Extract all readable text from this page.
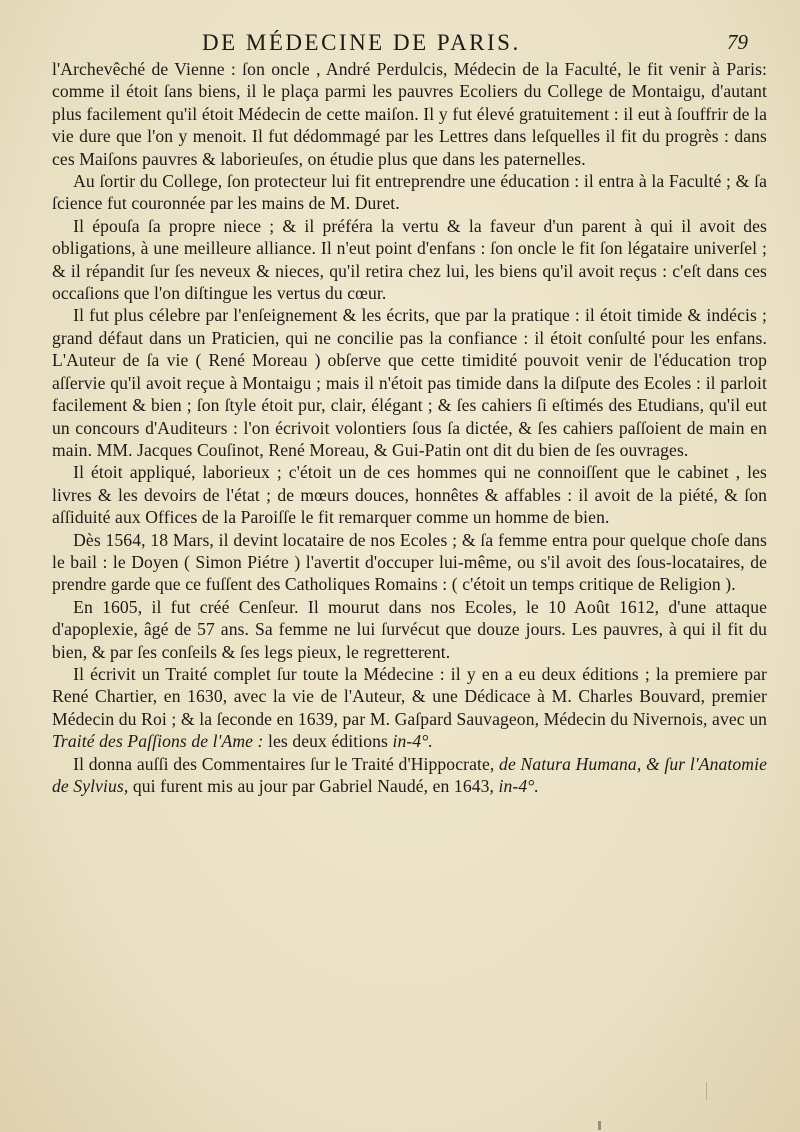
DE MÉDECINE DE PARIS.	79

l'Archevêché de Vienne : ſon oncle , André Perdulcis, Médecin de la Faculté, le fit venir à Paris: comme il étoit ſans biens, il le plaça parmi les pauvres Ecoliers du College de Montaigu, d'autant plus facilement qu'il étoit Médecin de cette maiſon. Il y fut élevé gratuitement : il eut à ſouffrir de la vie dure que l'on y menoit. Il fut dédommagé par les Lettres dans leſquelles il fit du progrès : dans ces Maiſons pauvres & laborieuſes, on étudie plus que dans les paternelles.

Au ſortir du College, ſon protecteur lui fit entreprendre une éducation : il entra à la Faculté ; & ſa ſcience fut couronnée par les mains de M. Duret.

Il épouſa ſa propre niece ; & il préféra la vertu & la faveur d'un parent à qui il avoit des obligations, à une meilleure alliance. Il n'eut point d'enfans : ſon oncle le fit ſon légataire univerſel ; & il répandit ſur ſes neveux & nieces, qu'il retira chez lui, les biens qu'il avoit reçus : c'eſt dans ces occaſions que l'on diſtingue les vertus du cœur.

Il fut plus célebre par l'enſeignement & les écrits, que par la pratique : il étoit timide & indécis ; grand défaut dans un Praticien, qui ne concilie pas la confiance : il étoit conſulté pour les enfans. L'Auteur de ſa vie ( René Moreau ) obſerve que cette timidité pouvoit venir de l'éducation trop aſſervie qu'il avoit reçue à Montaigu ; mais il n'étoit pas timide dans la diſpute des Ecoles : il parloit facilement & bien ; ſon ſtyle étoit pur, clair, élégant ; & ſes cahiers ſi eſtimés des Etudians, qu'il eut un concours d'Auditeurs : l'on écrivoit volontiers ſous ſa dictée, & ſes cahiers paſſoient de main en main. MM. Jacques Couſinot, René Moreau, & Gui-Patin ont dit du bien de ſes ouvrages.

Il étoit appliqué, laborieux ; c'étoit un de ces hommes qui ne connoiſſent que le cabinet , les livres & les devoirs de l'état ; de mœurs douces, honnêtes & affables : il avoit de la piété, & ſon aſſiduité aux Offices de la Paroiſſe le fit remarquer comme un homme de bien.

Dès 1564, 18 Mars, il devint locataire de nos Ecoles ; & ſa femme entra pour quelque choſe dans le bail : le Doyen ( Simon Piétre ) l'avertit d'occuper lui-même, ou s'il avoit des ſous-locataires, de prendre garde que ce fuſſent des Catholiques Romains : ( c'étoit un temps critique de Religion ).

En 1605, il fut créé Cenſeur. Il mourut dans nos Ecoles, le 10 Août 1612, d'une attaque d'apoplexie, âgé de 57 ans. Sa femme ne lui ſurvécut que douze jours. Les pauvres, à qui il fit du bien, & par ſes conſeils & ſes legs pieux, le regretterent.

Il écrivit un Traité complet ſur toute la Médecine : il y en a eu deux éditions ; la premiere par René Chartier, en 1630, avec la vie de l'Auteur, & une Dédicace à M. Charles Bouvard, premier Médecin du Roi ; & la ſeconde en 1639, par M. Gaſpard Sauvageon, Médecin du Nivernois, avec un Traité des Paſſions de l'Ame : les deux éditions in-4°.

Il donna auſſi des Commentaires ſur le Traité d'Hippocrate, de Natura Humana, & ſur l'Anatomie de Sylvius, qui furent mis au jour par Gabriel Naudé, en 1643, in-4°.
